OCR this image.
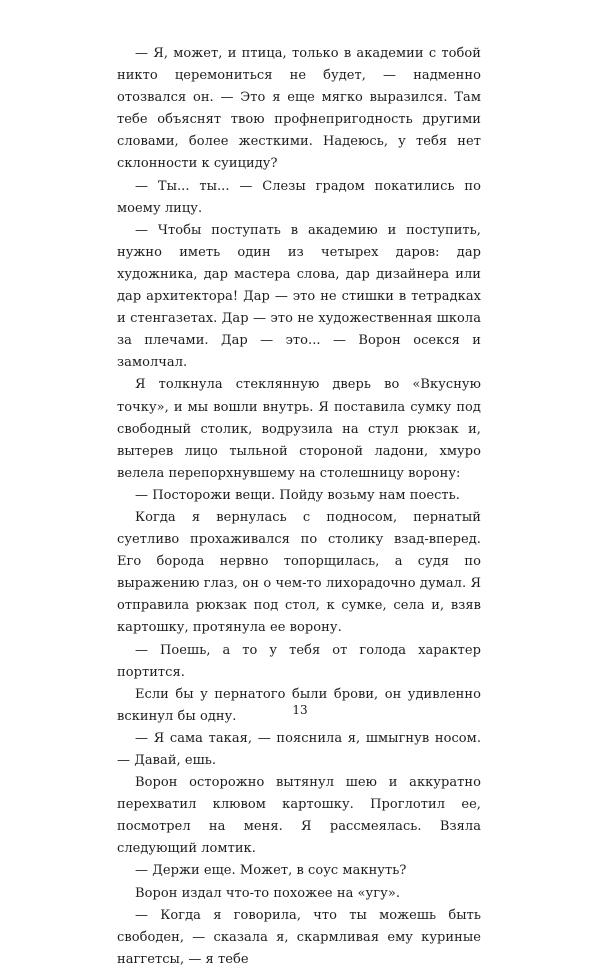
— Я, может, и птица, только в академии с тобой никто церемониться не будет, — надменно отозвался он. — Это я еще мягко выразился. Там тебе объяснят твою профнепригодность другими словами, более жесткими. Надеюсь, у тебя нет склонности к суициду?

— Ты... ты... — Слезы градом покатились по моему лицу.

— Чтобы поступать в академию и поступить, нужно иметь один из четырех даров: дар художника, дар мастера слова, дар дизайнера или дар архитектора! Дар — это не стишки в тетрадках и стенгазетах. Дар — это не художественная школа за плечами. Дар — это... — Ворон осекся и замолчал.

Я толкнула стеклянную дверь во «Вкусную точку», и мы вошли внутрь. Я поставила сумку под свободный столик, водрузила на стул рюкзак и, вытерев лицо тыльной стороной ладони, хмуро велела перепорхнувшему на столешницу ворону:

— Посторожи вещи. Пойду возьму нам поесть.

Когда я вернулась с подносом, пернатый суетливо прохаживался по столику взад-вперед. Его борода нервно топорщилась, а судя по выражению глаз, он о чем-то лихорадочно думал. Я отправила рюкзак под стол, к сумке, села и, взяв картошку, протянула ее ворону.

— Поешь, а то у тебя от голода характер портится.

Если бы у пернатого были брови, он удивленно вскинул бы одну.

— Я сама такая, — пояснила я, шмыгнув носом. — Давай, ешь.

Ворон осторожно вытянул шею и аккуратно перехватил клювом картошку. Проглотил ее, посмотрел на меня. Я рассмеялась. Взяла следующий ломтик.

— Держи еще. Может, в соус макнуть?

Ворон издал что-то похожее на «угу».

— Когда я говорила, что ты можешь быть свободен, — сказала я, скармливая ему куриные наггетсы, — я тебе

13
